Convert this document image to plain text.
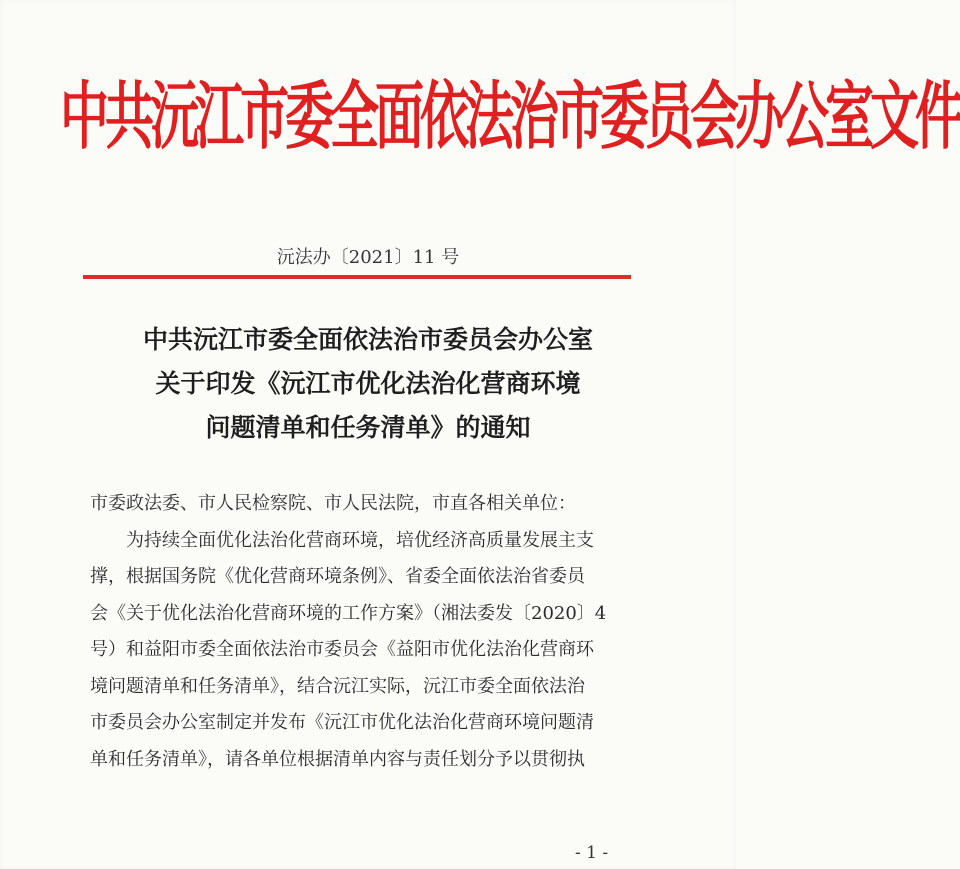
中共沅江市委全面依法治市委员会办公室文件
沅法办〔2021〕11 号
中共沅江市委全面依法治市委员会办公室
关于印发《沅江市优化法治化营商环境
问题清单和任务清单》的通知
市委政法委、市人民检察院、市人民法院，市直各相关单位：
为持续全面优化法治化营商环境，培优经济高质量发展主支
撑，根据国务院《优化营商环境条例》、省委全面依法治省委员
会《关于优化法治化营商环境的工作方案》（湘法委发〔2020〕4
号）和益阳市委全面依法治市委员会《益阳市优化法治化营商环
境问题清单和任务清单》，结合沅江实际，沅江市委全面依法治
市委员会办公室制定并发布《沅江市优化法治化营商环境问题清
单和任务清单》，请各单位根据清单内容与责任划分予以贯彻执
- 1 -
